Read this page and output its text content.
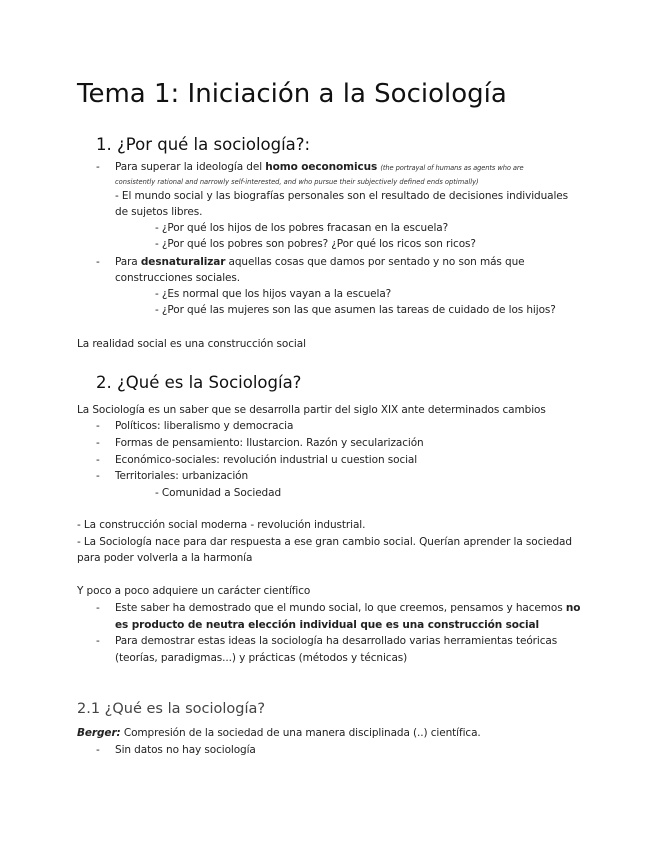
Tema 1: Iniciación a la Sociología
1. ¿Por qué la sociología?:
- Para superar la ideología del homo oeconomicus (the portrayal of humans as agents who are
consistently rational and narrowly self-interested, and who pursue their subjectively defined ends optimally)
- El mundo social y las biografías personales son el resultado de decisiones individuales
de sujetos libres.
- ¿Por qué los hijos de los pobres fracasan en la escuela?
- ¿Por qué los pobres son pobres? ¿Por qué los ricos son ricos?
- Para desnaturalizar aquellas cosas que damos por sentado y no son más que
construcciones sociales.
- ¿Es normal que los hijos vayan a la escuela?
- ¿Por qué las mujeres son las que asumen las tareas de cuidado de los hijos?
La realidad social es una construcción social
2. ¿Qué es la Sociología?
La Sociología es un saber que se desarrolla partir del siglo XIX ante determinados cambios
- Políticos: liberalismo y democracia
- Formas de pensamiento: Ilustarcion. Razón y secularización
- Económico-sociales: revolución industrial u cuestion social
- Territoriales: urbanización
- Comunidad a Sociedad
- La construcción social moderna - revolución industrial.
- La Sociología nace para dar respuesta a ese gran cambio social. Querían aprender la sociedad
para poder volverla a la harmonía
Y poco a poco adquiere un carácter científico
- Este saber ha demostrado que el mundo social, lo que creemos, pensamos y hacemos no
es producto de neutra elección individual que es una construcción social
- Para demostrar estas ideas la sociología ha desarrollado varias herramientas teóricas
(teorías, paradigmas...) y prácticas (métodos y técnicas)
2.1 ¿Qué es la sociología?
Berger: Compresión de la sociedad de una manera disciplinada (..) científica.
- Sin datos no hay sociología
